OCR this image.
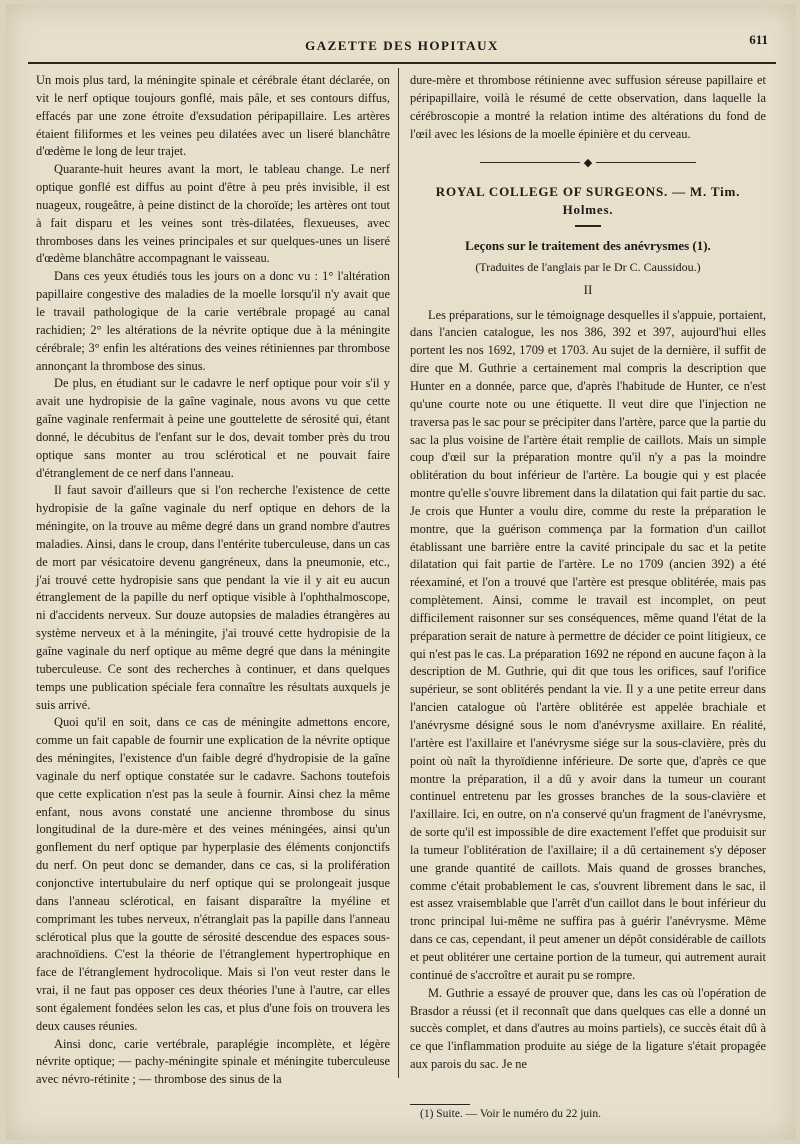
GAZETTE DES HOPITAUX	611

Un mois plus tard, la méningite spinale et cérébrale étant déclarée, on vit le nerf optique toujours gonflé, mais pâle, et ses contours diffus, effacés par une zone étroite d'exsudation péripapillaire. Les artères étaient filiformes et les veines peu dilatées avec un liseré blanchâtre d'œdème le long de leur trajet.

Quarante-huit heures avant la mort, le tableau change. Le nerf optique gonflé est diffus au point d'être à peu près invisible, il est nuageux, rougeâtre, à peine distinct de la choroïde; les artères ont tout à fait disparu et les veines sont très-dilatées, flexueuses, avec thromboses dans les veines principales et sur quelques-unes un liseré d'œdème blanchâtre accompagnant le vaisseau.

Dans ces yeux étudiés tous les jours on a donc vu : 1° l'altération papillaire congestive des maladies de la moelle lorsqu'il n'y avait que le travail pathologique de la carie vertébrale propagé au canal rachidien; 2° les altérations de la névrite optique due à la méningite cérébrale; 3° enfin les altérations des veines rétiniennes par thrombose annonçant la thrombose des sinus.

De plus, en étudiant sur le cadavre le nerf optique pour voir s'il y avait une hydropisie de la gaîne vaginale, nous avons vu que cette gaîne vaginale renfermait à peine une gouttelette de sérosité qui, étant donné, le décubitus de l'enfant sur le dos, devait tomber près du trou optique sans monter au trou sclérotical et ne pouvait faire d'étranglement de ce nerf dans l'anneau.

Il faut savoir d'ailleurs que si l'on recherche l'existence de cette hydropisie de la gaîne vaginale du nerf optique en dehors de la méningite, on la trouve au même degré dans un grand nombre d'autres maladies. Ainsi, dans le croup, dans l'entérite tuberculeuse, dans un cas de mort par vésicatoire devenu gangréneux, dans la pneumonie, etc., j'ai trouvé cette hydropisie sans que pendant la vie il y ait eu aucun étranglement de la papille du nerf optique visible à l'ophthalmoscope, ni d'accidents nerveux. Sur douze autopsies de maladies étrangères au système nerveux et à la méningite, j'ai trouvé cette hydropisie de la gaîne vaginale du nerf optique au même degré que dans la méningite tuberculeuse. Ce sont des recherches à continuer, et dans quelques temps une publication spéciale fera connaître les résultats auxquels je suis arrivé.

Quoi qu'il en soit, dans ce cas de méningite admettons encore, comme un fait capable de fournir une explication de la névrite optique des méningites, l'existence d'un faible degré d'hydropisie de la gaîne vaginale du nerf optique constatée sur le cadavre. Sachons toutefois que cette explication n'est pas la seule à fournir. Ainsi chez la même enfant, nous avons constaté une ancienne thrombose du sinus longitudinal de la dure-mère et des veines méningées, ainsi qu'un gonflement du nerf optique par hyperplasie des éléments conjonctifs du nerf. On peut donc se demander, dans ce cas, si la prolifération conjonctive intertubulaire du nerf optique qui se prolongeait jusque dans l'anneau sclérotical, en faisant disparaître la myéline et comprimant les tubes nerveux, n'étranglait pas la papille dans l'anneau sclérotical plus que la goutte de sérosité descendue des espaces sous-arachnoïdiens. C'est la théorie de l'étranglement hypertrophique en face de l'étranglement hydrocolique. Mais si l'on veut rester dans le vrai, il ne faut pas opposer ces deux théories l'une à l'autre, car elles sont également fondées selon les cas, et plus d'une fois on trouvera les deux causes réunies.

Ainsi donc, carie vertébrale, paraplégie incomplète, et légère névrite optique; — pachy-méningite spinale et méningite tuberculeuse avec névro-rétinite ; — thrombose des sinus de la

dure-mère et thrombose rétinienne avec suffusion séreuse papillaire et péripapillaire, voilà le résumé de cette observation, dans laquelle la cérébroscopie a montré la relation intime des altérations du fond de l'œil avec les lésions de la moelle épinière et du cerveau.

◆
ROYAL COLLEGE OF SURGEONS. — M. Tim. Holmes.
Leçons sur le traitement des anévrysmes (1).
(Traduites de l'anglais par le Dr C. Caussidou.)
II

Les préparations, sur le témoignage desquelles il s'appuie, portaient, dans l'ancien catalogue, les nos 386, 392 et 397, aujourd'hui elles portent les nos 1692, 1709 et 1703. Au sujet de la dernière, il suffit de dire que M. Guthrie a certainement mal compris la description que Hunter en a donnée, parce que, d'après l'habitude de Hunter, ce n'est qu'une courte note ou une étiquette. Il veut dire que l'injection ne traversa pas le sac pour se précipiter dans l'artère, parce que la partie du sac la plus voisine de l'artère était remplie de caillots. Mais un simple coup d'œil sur la préparation montre qu'il n'y a pas la moindre oblitération du bout inférieur de l'artère. La bougie qui y est placée montre qu'elle s'ouvre librement dans la dilatation qui fait partie du sac. Je crois que Hunter a voulu dire, comme du reste la préparation le montre, que la guérison commença par la formation d'un caillot établissant une barrière entre la cavité principale du sac et la petite dilatation qui fait partie de l'artère. Le no 1709 (ancien 392) a été réexaminé, et l'on a trouvé que l'artère est presque oblitérée, mais pas complètement. Ainsi, comme le travail est incomplet, on peut difficilement raisonner sur ses conséquences, même quand l'état de la préparation serait de nature à permettre de décider ce point litigieux, ce qui n'est pas le cas. La préparation 1692 ne répond en aucune façon à la description de M. Guthrie, qui dit que tous les orifices, sauf l'orifice supérieur, se sont oblitérés pendant la vie. Il y a une petite erreur dans l'ancien catalogue où l'artère oblitérée est appelée brachiale et l'anévrysme désigné sous le nom d'anévrysme axillaire. En réalité, l'artère est l'axillaire et l'anévrysme siége sur la sous-clavière, près du point où naît la thyroïdienne inférieure. De sorte que, d'après ce que montre la préparation, il a dû y avoir dans la tumeur un courant continuel entretenu par les grosses branches de la sous-clavière et l'axillaire. Ici, en outre, on n'a conservé qu'un fragment de l'anévrysme, de sorte qu'il est impossible de dire exactement l'effet que produisit sur la tumeur l'oblitération de l'axillaire; il a dû certainement s'y déposer une grande quantité de caillots. Mais quand de grosses branches, comme c'était probablement le cas, s'ouvrent librement dans le sac, il est assez vraisemblable que l'arrêt d'un caillot dans le bout inférieur du tronc principal lui-même ne suffira pas à guérir l'anévrysme. Même dans ce cas, cependant, il peut amener un dépôt considérable de caillots et peut oblitérer une certaine portion de la tumeur, qui autrement aurait continué de s'accroître et aurait pu se rompre.

M. Guthrie a essayé de prouver que, dans les cas où l'opération de Brasdor a réussi (et il reconnaît que dans quelques cas elle a donné un succès complet, et dans d'autres au moins partiels), ce succès était dû à ce que l'inflammation produite au siége de la ligature s'était propagée aux parois du sac. Je ne

(1) Suite. — Voir le numéro du 22 juin.
